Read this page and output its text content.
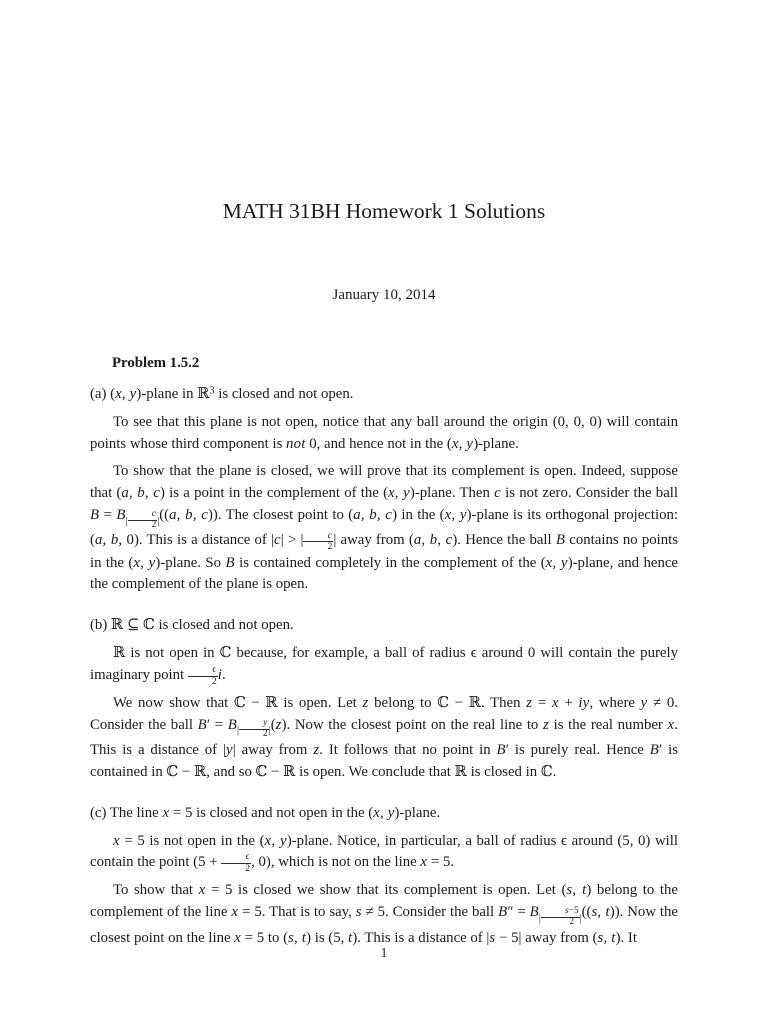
MATH 31BH Homework 1 Solutions
January 10, 2014
Problem 1.5.2

(a) (x, y)-plane in ℝ$^3$ is closed and not open.

To see that this plane is not open, notice that any ball around the origin (0, 0, 0) will contain points whose third component is not 0, and hence not in the (x, y)-plane.

To show that the plane is closed, we will prove that its complement is open. Indeed, suppose that (a, b, c) is a point in the complement of the (x, y)-plane. Then c is not zero. Consider the ball $B = B_{| \frac{c}{2} |}((a$, b, c)). The closest point to (a, b, c) in the (x, y)-plane is its orthogonal projection: (a, b, 0). This is a distance of |c| > | $\frac{c}{2}$ | away from (a, b, c). Hence the ball B contains no points in the (x, y)-plane. So B is contained completely in the complement of the (x, y)-plane, and hence the complement of the plane is open.

(b) ℝ ⊆ ℂ is closed and not open.

ℝ is not open in ℂ because, for example, a ball of radius ϵ around 0 will contain the purely imaginary point $\frac{\epsilon}{2} i$.

We now show that ℂ − ℝ is open. Let z belong to ℂ − ℝ. Then z = x + iy, where y ≠ 0. Consider the ball $B' = B_{| \frac{y}{2} |}(z)$. Now the closest point on the real line to z is the real number x. This is a distance of |y| away from z. It follows that no point in B′ is purely real. Hence B′ is contained in ℂ − ℝ, and so ℂ − ℝ is open. We conclude that ℝ is closed in ℂ.

(c) The line x = 5 is closed and not open in the (x, y)-plane.

x = 5 is not open in the (x, y)-plane. Notice, in particular, a ball of radius ϵ around (5, 0) will contain the point ($5 + \frac{\epsilon}{2}$ , 0), which is not on the line x = 5.

To show that x = 5 is closed we show that its complement is open. Let (s, t) belong to the complement of the line x = 5. That is to say, s ≠ 5. Consider the ball $B'' = B_{| \frac{s-5}{2} |}((s$, t)). Now the closest point on the line x = 5 to (s, t) is (5, t). This is a distance of |s − 5| away from (s, t). It

1
